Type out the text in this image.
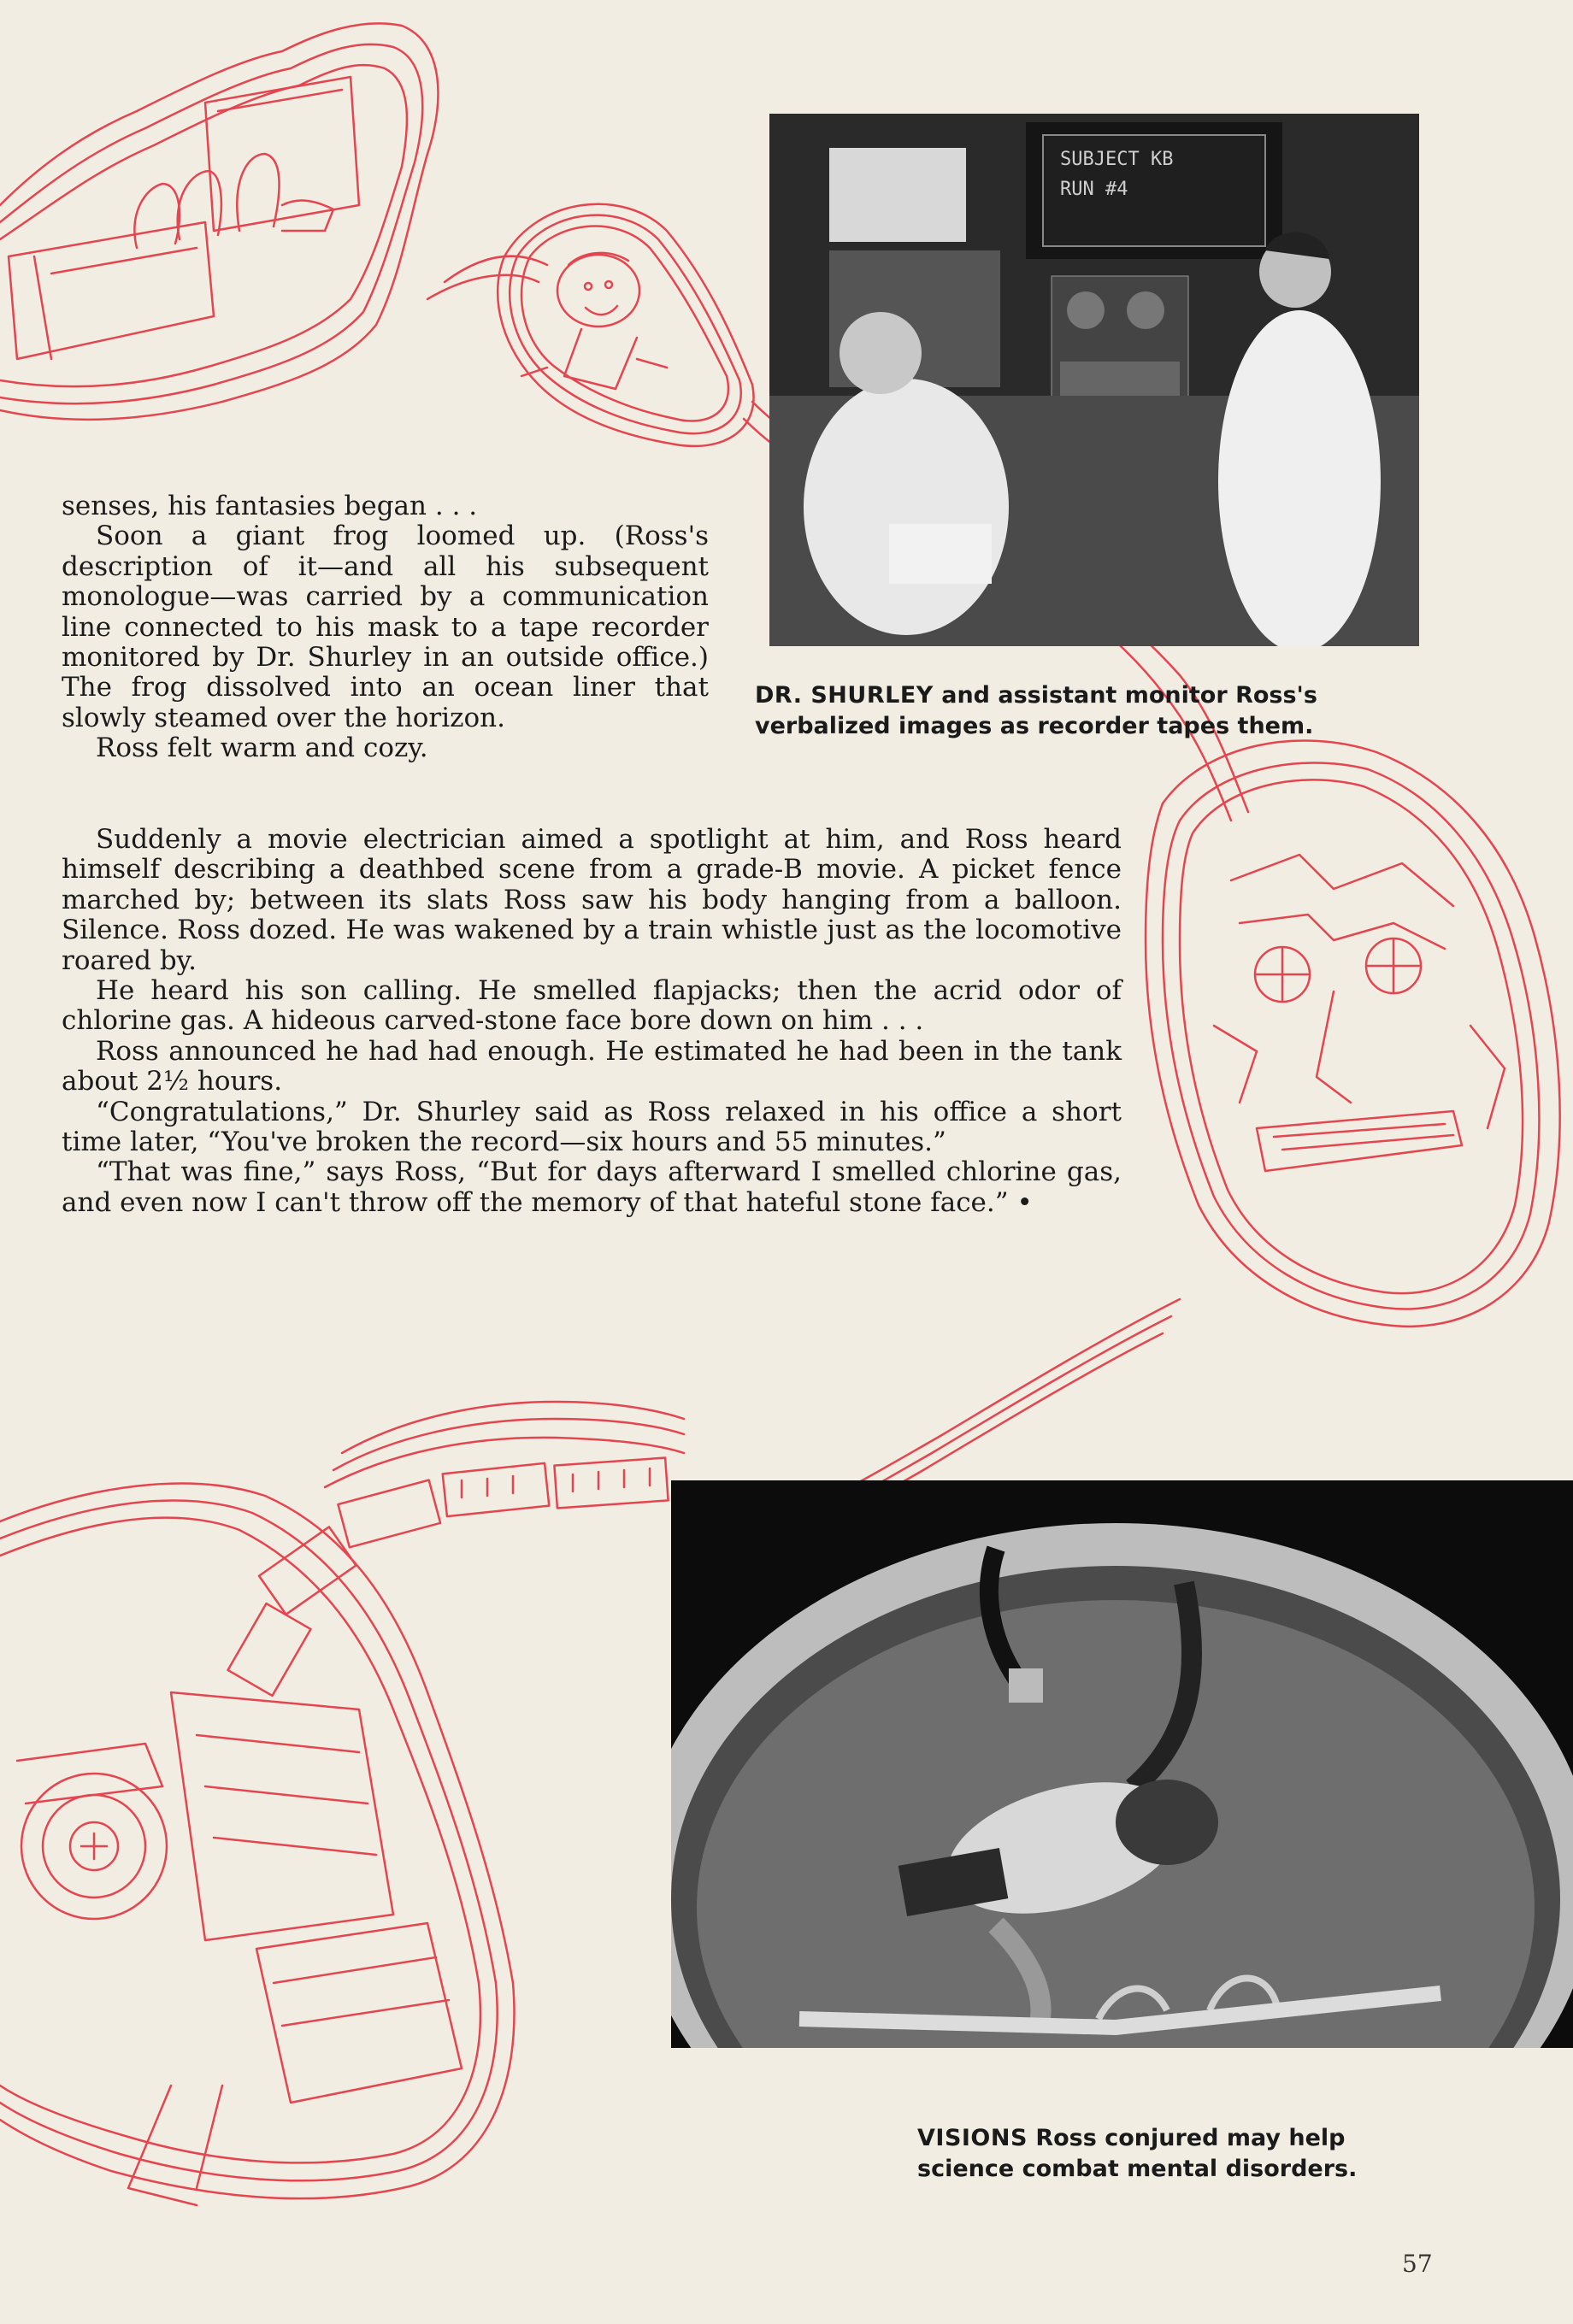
SUBJECT KB
RUN #4
DR. SHURLEY and assistant monitor Ross's verbalized images as recorder tapes them.

senses, his fantasies began . . .

Soon a giant frog loomed up. (Ross's description of it—and all his subsequent monologue—was carried by a communication line connected to his mask to a tape recorder monitored by Dr. Shurley in an outside office.) The frog dissolved into an ocean liner that slowly steamed over the horizon.

Ross felt warm and cozy.

Suddenly a movie electrician aimed a spotlight at him, and Ross heard himself describing a deathbed scene from a grade-B movie. A picket fence marched by; between its slats Ross saw his body hanging from a balloon. Silence. Ross dozed. He was wakened by a train whistle just as the locomotive roared by.

He heard his son calling. He smelled flapjacks; then the acrid odor of chlorine gas. A hideous carved-stone face bore down on him . . .

Ross announced he had had enough. He estimated he had been in the tank about 2½ hours.

“Congratulations,” Dr. Shurley said as Ross relaxed in his office a short time later, “You've broken the record—six hours and 55 minutes.”

“That was fine,” says Ross, “But for days afterward I smelled chlorine gas, and even now I can't throw off the memory of that hateful stone face.” •

VISIONS Ross conjured may help science combat mental disorders.
57
